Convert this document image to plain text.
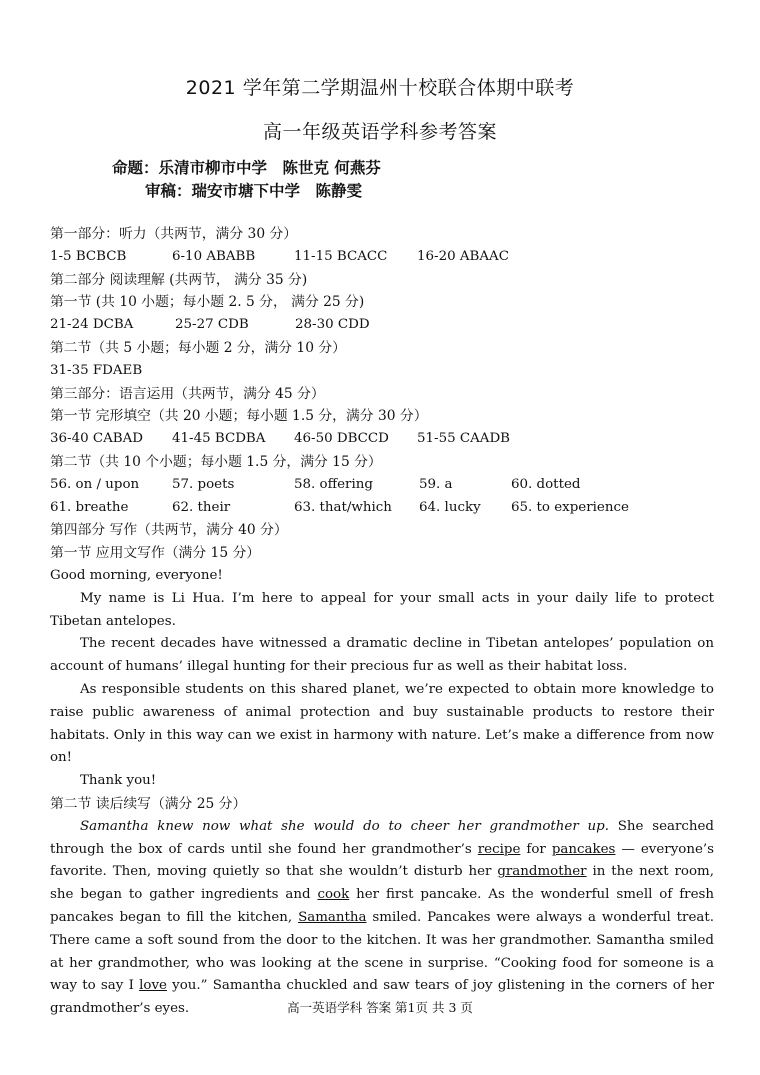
2021 学年第二学期温州十校联合体期中联考
高一年级英语学科参考答案
命题：乐清市柳市中学　陈世克 何燕芬
审稿：瑞安市塘下中学　陈静雯
第一部分：听力（共两节，满分 30 分）
1-5 BCBCB	6-10 ABABB	11-15 BCACC	16-20 ABAAC
第二部分 阅读理解 (共两节， 满分 35 分)
第一节 (共 10 小题；每小题 2. 5 分， 满分 25 分)
21-24 DCBA	25-27 CDB	28-30 CDD
第二节（共 5 小题；每小题 2 分，满分 10 分）
31-35 FDAEB
第三部分：语言运用（共两节，满分 45 分）
第一节 完形填空（共 20 小题；每小题 1.5 分，满分 30 分）
36-40 CABAD	41-45 BCDBA	46-50 DBCCD	51-55 CAADB
第二节（共 10 个小题；每小题 1.5 分，满分 15 分）
56. on / upon	57. poets	58. offering	59. a	60. dotted
61. breathe	62. their	63. that/which	64. lucky	65. to experience
第四部分 写作（共两节，满分 40 分）
第一节 应用文写作（满分 15 分）
Good morning, everyone!

My name is Li Hua. I’m here to appeal for your small acts in your daily life to protect Tibetan antelopes.

The recent decades have witnessed a dramatic decline in Tibetan antelopes’ population on account of humans’ illegal hunting for their precious fur as well as their habitat loss.

As responsible students on this shared planet, we’re expected to obtain more knowledge to raise public awareness of animal protection and buy sustainable products to restore their habitats. Only in this way can we exist in harmony with nature. Let’s make a difference from now on!

Thank you!

第二节 读后续写（满分 25 分）

Samantha knew now what she would do to cheer her grandmother up. She searched through the box of cards until she found her grandmother’s recipe for pancakes — everyone’s favorite. Then, moving quietly so that she wouldn’t disturb her grandmother in the next room, she began to gather ingredients and cook her first pancake. As the wonderful smell of fresh pancakes began to fill the kitchen, Samantha smiled. Pancakes were always a wonderful treat. There came a soft sound from the door to the kitchen. It was her grandmother. Samantha smiled at her grandmother, who was looking at the scene in surprise. “Cooking food for someone is a way to say I love you.” Samantha chuckled and saw tears of joy glistening in the corners of her grandmother’s eyes.	高一英语学科 答案 第1页 共 3 页
